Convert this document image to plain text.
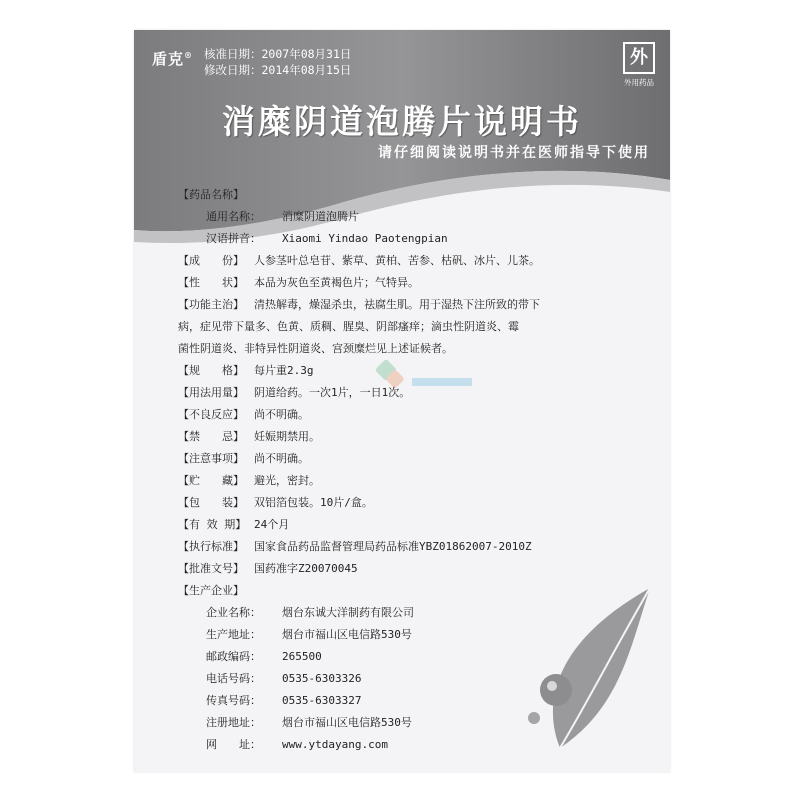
盾克® 核准日期：2007年08月31日
修改日期：2014年08月15日
外
外用药品
消糜阴道泡腾片说明书
请仔细阅读说明书并在医师指导下使用
【药品名称】
通用名称： 消糜阴道泡腾片
汉语拼音： Xiaomi Yindao Paotengpian
【成　　份】 人参茎叶总皂苷、紫草、黄柏、苦参、枯矾、冰片、儿茶。
【性　　状】 本品为灰色至黄褐色片；气特异。
【功能主治】 清热解毒，燥湿杀虫，祛腐生肌。用于湿热下注所致的带下
病，症见带下量多、色黄、质稠、腥臭、阴部瘙痒；滴虫性阴道炎、霉
菌性阴道炎、非特异性阴道炎、宫颈糜烂见上述证候者。
【规　　格】 每片重2.3g
【用法用量】 阴道给药。一次1片，一日1次。
【不良反应】 尚不明确。
【禁　　忌】 妊娠期禁用。
【注意事项】 尚不明确。
【贮　　藏】 避光，密封。
【包　　装】 双铝箔包装。10片/盒。
【有 效 期】 24个月
【执行标准】 国家食品药品监督管理局药品标准YBZ01862007-2010Z
【批准文号】 国药准字Z20070045
【生产企业】
企业名称： 烟台东诚大洋制药有限公司
生产地址： 烟台市福山区电信路530号
邮政编码： 265500
电话号码： 0535-6303326
传真号码： 0535-6303327
注册地址： 烟台市福山区电信路530号
网　　址： www.ytdayang.com
